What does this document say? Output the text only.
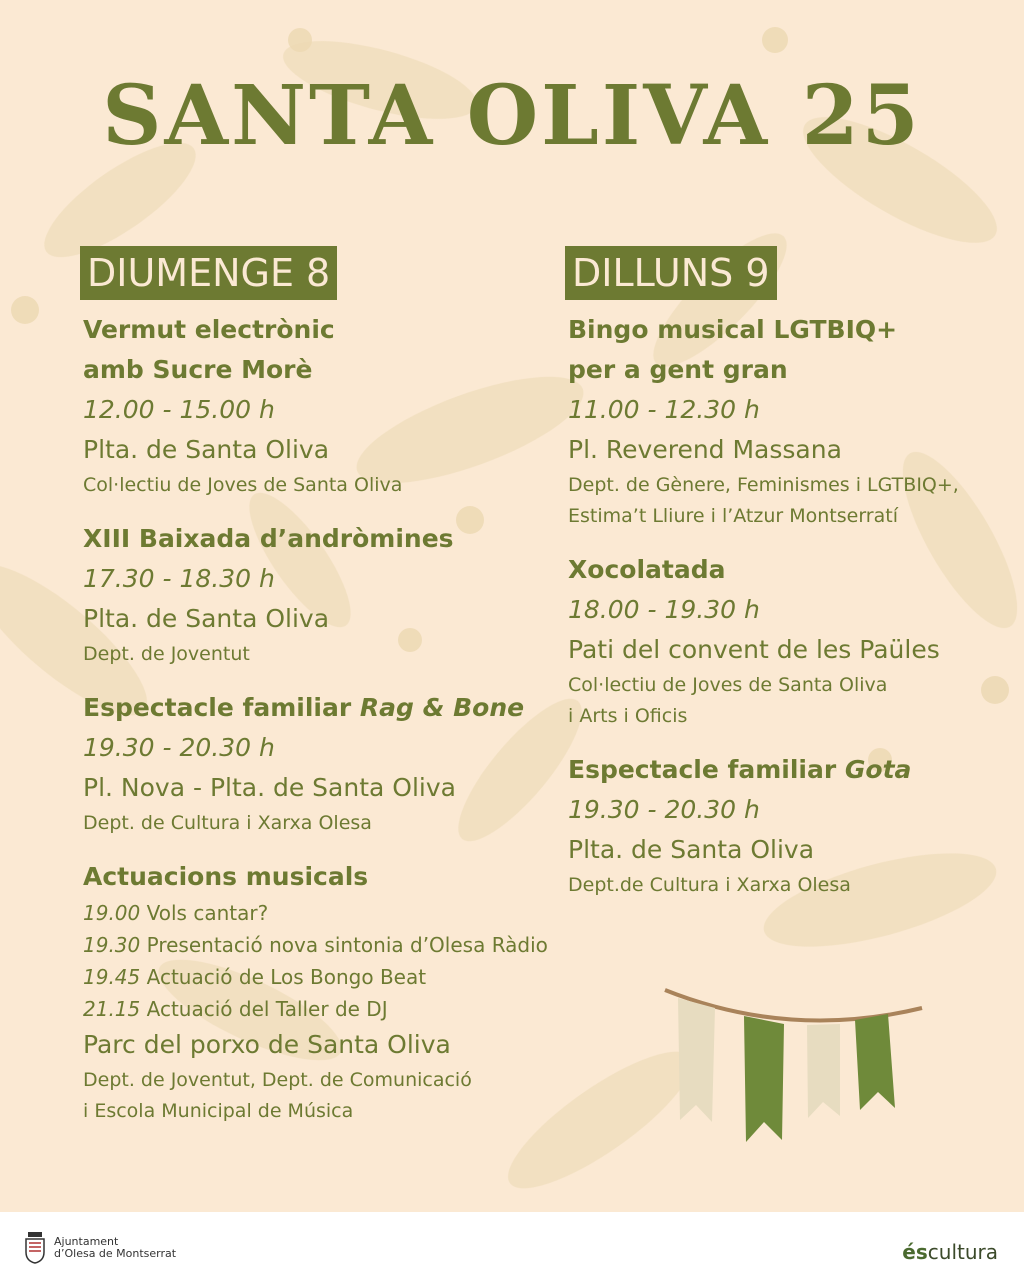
SANTA OLIVA 25
DIUMENGE 8
Vermut electrònic
amb Sucre Morè
12.00 - 15.00 h
Plta. de Santa Oliva
Col·lectiu de Joves de Santa Oliva
XIII Baixada d’andròmines
17.30 - 18.30 h
Plta. de Santa Oliva
Dept. de Joventut
Espectacle familiar Rag & Bone
19.30 - 20.30 h
Pl. Nova - Plta. de Santa Oliva
Dept. de Cultura i Xarxa Olesa
Actuacions musicals
19.00 Vols cantar?
19.30 Presentació nova sintonia d’Olesa Ràdio
19.45 Actuació de Los Bongo Beat
21.15 Actuació del Taller de DJ
Parc del porxo de Santa Oliva
Dept. de Joventut, Dept. de Comunicació
i Escola Municipal de Música
DILLUNS 9
Bingo musical LGTBIQ+
per a gent gran
11.00 - 12.30 h
Pl. Reverend Massana
Dept. de Gènere, Feminismes i LGTBIQ+,
Estima’t Lliure i l’Atzur Montserratí
Xocolatada
18.00 - 19.30 h
Pati del convent de les Paüles
Col·lectiu de Joves de Santa Oliva
i Arts i Oficis
Espectacle familiar Gota
19.30 - 20.30 h
Plta. de Santa Oliva
Dept.de Cultura i Xarxa Olesa
Ajuntament
d’Olesa de Montserrat	éscultura
